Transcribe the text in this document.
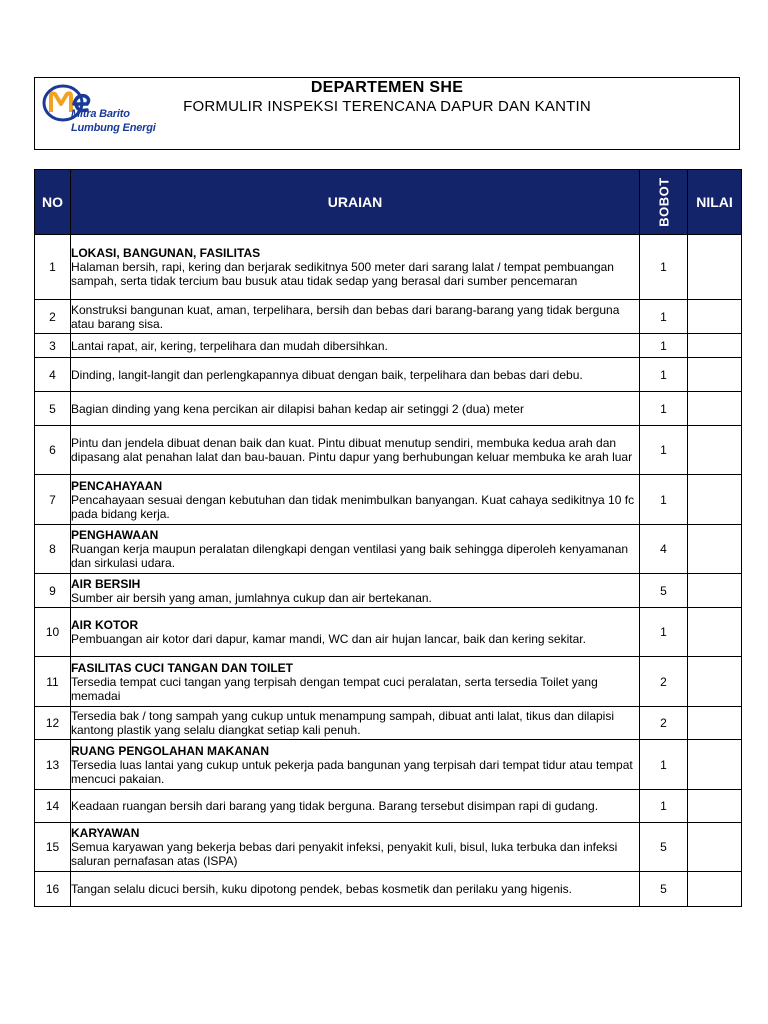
Mitra Barito
Lumbung Energi
DEPARTEMEN SHE
FORMULIR INSPEKSI TERENCANA DAPUR DAN KANTIN
NO	URAIAN	BOBOT	NILAI
1	LOKASI, BANGUNAN, FASILITAS
Halaman bersih, rapi, kering dan berjarak sedikitnya 500 meter dari sarang lalat / tempat pembuangan sampah, serta tidak tercium bau busuk atau tidak sedap yang berasal dari sumber pencemaran	1	
2	Konstruksi bangunan kuat, aman, terpelihara, bersih dan bebas dari barang-barang yang tidak berguna atau barang sisa.	1	
3	Lantai rapat, air, kering, terpelihara dan mudah dibersihkan.	1	
4	Dinding, langit-langit dan perlengkapannya dibuat dengan baik, terpelihara dan bebas dari debu.	1	
5	Bagian dinding yang kena percikan air dilapisi bahan kedap air setinggi 2 (dua) meter	1	
6	Pintu dan jendela dibuat denan baik dan kuat. Pintu dibuat menutup sendiri, membuka kedua arah dan dipasang alat penahan lalat dan bau-bauan. Pintu dapur yang berhubungan keluar membuka ke arah luar	1	
7	PENCAHAYAAN
Pencahayaan sesuai dengan kebutuhan dan tidak menimbulkan banyangan. Kuat cahaya sedikitnya 10 fc pada bidang kerja.	1	
8	PENGHAWAAN
Ruangan kerja maupun peralatan dilengkapi dengan ventilasi yang baik sehingga diperoleh kenyamanan dan sirkulasi udara.	4	
9	AIR BERSIH
Sumber air bersih yang aman, jumlahnya cukup dan air bertekanan.	5	
10	AIR KOTOR
Pembuangan air kotor dari dapur, kamar mandi, WC dan air hujan lancar, baik dan kering sekitar.	1	
11	FASILITAS CUCI TANGAN DAN TOILET
Tersedia tempat cuci tangan yang terpisah dengan tempat cuci peralatan, serta tersedia Toilet yang memadai	2	
12	Tersedia bak / tong sampah yang cukup untuk menampung sampah, dibuat anti lalat, tikus dan dilapisi kantong plastik yang selalu diangkat setiap kali penuh.	2	
13	RUANG PENGOLAHAN MAKANAN
Tersedia luas lantai yang cukup untuk pekerja pada bangunan yang terpisah dari tempat tidur atau tempat mencuci pakaian.	1	
14	Keadaan ruangan bersih dari barang yang tidak berguna. Barang tersebut disimpan rapi di gudang.	1	
15	KARYAWAN
Semua karyawan yang bekerja bebas dari penyakit infeksi, penyakit kuli, bisul, luka terbuka dan infeksi saluran pernafasan atas (ISPA)	5	
16	Tangan selalu dicuci bersih, kuku dipotong pendek, bebas kosmetik dan perilaku yang higenis.	5	
